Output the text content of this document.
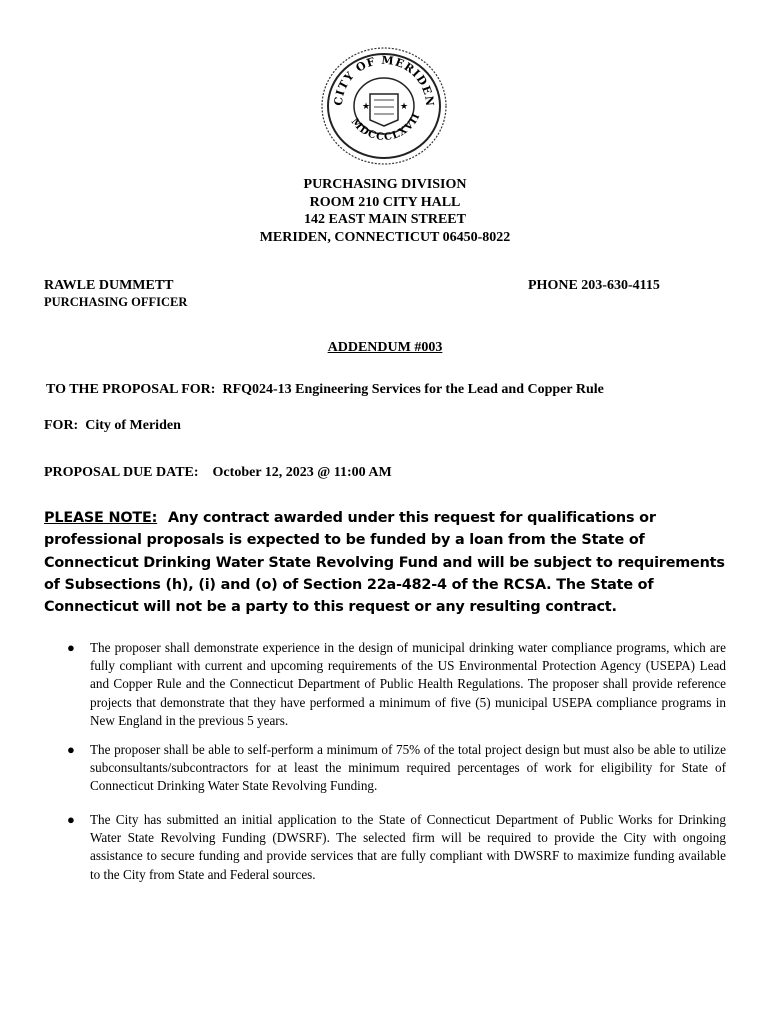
★	★
CITY OF MERIDEN
MDCCCLXVII
PURCHASING DIVISION
ROOM 210 CITY HALL
142 EAST MAIN STREET
MERIDEN, CONNECTICUT 06450-8022
RAWLE DUMMETT
PURCHASING OFFICER
PHONE 203-630-4115
ADDENDUM #003
TO THE PROPOSAL FOR: RFQ024-13 Engineering Services for the Lead and Copper Rule
FOR: City of Meriden
PROPOSAL DUE DATE: October 12, 2023 @ 11:00 AM
PLEASE NOTE: Any contract awarded under this request for qualifications or professional proposals is expected to be funded by a loan from the State of Connecticut Drinking Water State Revolving Fund and will be subject to requirements of Subsections (h), (i) and (o) of Section 22a-482-4 of the RCSA. The State of Connecticut will not be a party to this request or any resulting contract.
● The proposer shall demonstrate experience in the design of municipal drinking water compliance programs, which are fully compliant with current and upcoming requirements of the US Environmental Protection Agency (USEPA) Lead and Copper Rule and the Connecticut Department of Public Health Regulations. The proposer shall provide reference projects that demonstrate that they have performed a minimum of five (5) municipal USEPA compliance programs in New England in the previous 5 years.
● The proposer shall be able to self-perform a minimum of 75% of the total project design but must also be able to utilize subconsultants/subcontractors for at least the minimum required percentages of work for eligibility for State of Connecticut Drinking Water State Revolving Funding.
● The City has submitted an initial application to the State of Connecticut Department of Public Works for Drinking Water State Revolving Funding (DWSRF). The selected firm will be required to provide the City with ongoing assistance to secure funding and provide services that are fully compliant with DWSRF to maximize funding available to the City from State and Federal sources.
